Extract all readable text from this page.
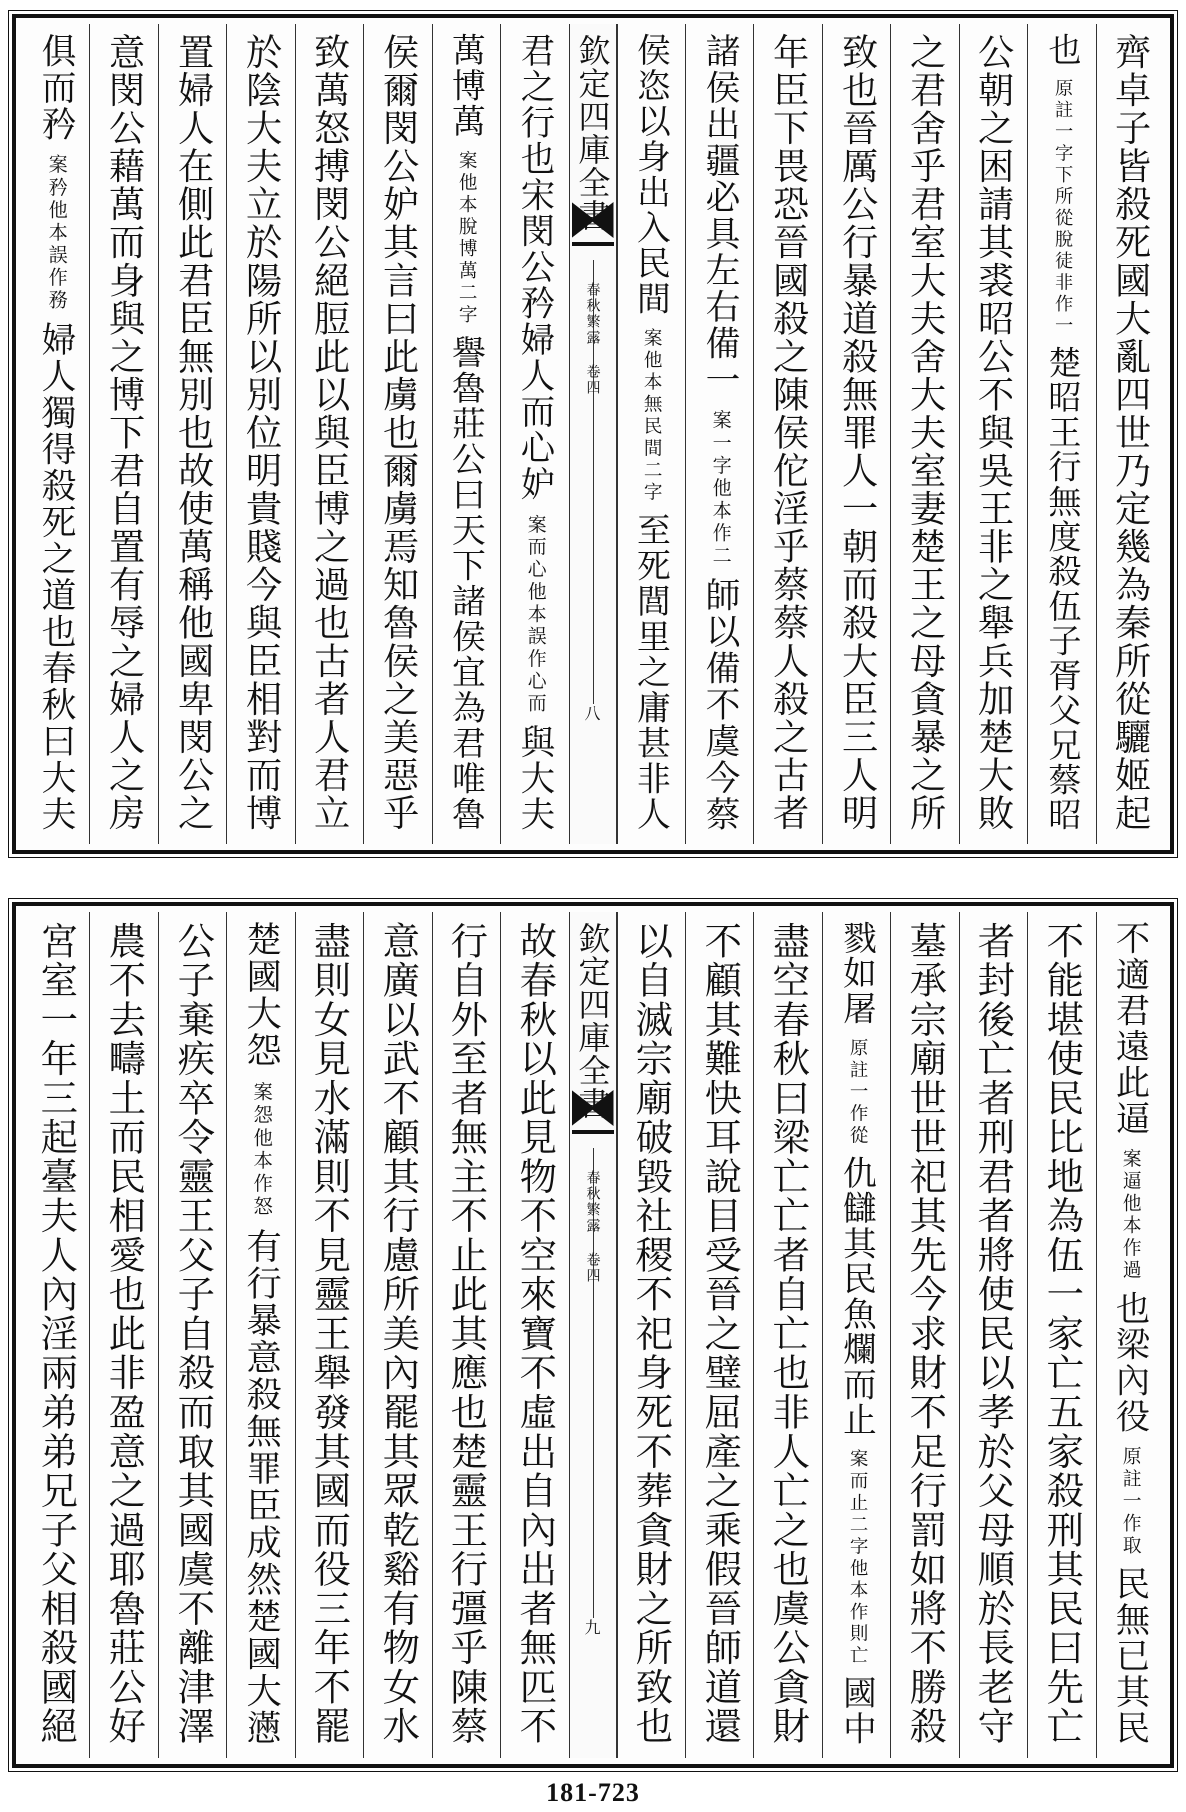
齊卓子皆殺死國大亂四世乃定幾為秦所從驪姬起
也
原註一字下所從脫徒非作一
楚昭王行無度殺伍子胥父兄蔡昭
公朝之困請其裘昭公不與吳王非之舉兵加楚大敗
之君舍乎君室大夫舍大夫室妻楚王之母貪暴之所
致也晉厲公行暴道殺無罪人一朝而殺大臣三人明
年臣下畏恐晉國殺之陳侯佗淫乎蔡蔡人殺之古者
諸侯出疆必具左右備一
案一字他本作二
師以備不虞今蔡
侯恣以身出入民間
案他本無民間二字
至死閭里之庸甚非人
欽定四庫全書
春秋繁露 卷四
八
君之行也宋閔公矜婦人而心妒
案而心他本誤作心而
與大夫
萬博萬
案他本脫博萬二字
譽魯莊公曰天下諸侯宜為君唯魯
侯爾閔公妒其言曰此虜也爾虜焉知魯侯之美惡乎
致萬怒搏閔公絕脰此以與臣博之過也古者人君立
於陰大夫立於陽所以別位明貴賤今與臣相對而博
置婦人在側此君臣無別也故使萬稱他國卑閔公之
意閔公藉萬而身與之博下君自置有辱之婦人之房
俱而矜
案矜他本誤作務
婦人獨得殺死之道也春秋曰大夫
不適君遠此逼
案逼他本作過
也梁內役
原註一作取
民無已其民
不能堪使民比地為伍一家亡五家殺刑其民曰先亡
者封後亡者刑君者將使民以孝於父母順於長老守
墓承宗廟世世祀其先今求財不足行罰如將不勝殺
戮如屠
原註一作從
仇讎其民魚爛而止
案而止二字他本作則亡
國中
盡空春秋曰梁亡亡者自亡也非人亡之也虞公貪財
不顧其難快耳說目受晉之璧屈產之乘假晉師道還
以自滅宗廟破毀社稷不祀身死不葬貪財之所致也
欽定四庫全書
春秋繁露 卷四
九
故春秋以此見物不空來寶不虛出自內出者無匹不
行自外至者無主不止此其應也楚靈王行彊乎陳蔡
意廣以武不顧其行慮所美內罷其眾乾谿有物女水
盡則女見水滿則不見靈王舉發其國而役三年不罷
楚國大怨
案怨他本作怒
有行暴意殺無罪臣成然楚國大懣
公子棄疾卒令靈王父子自殺而取其國虞不離津澤
農不去疇土而民相愛也此非盈意之過耶魯莊公好
宮室一年三起臺夫人內淫兩弟弟兄子父相殺國絕
181-723
